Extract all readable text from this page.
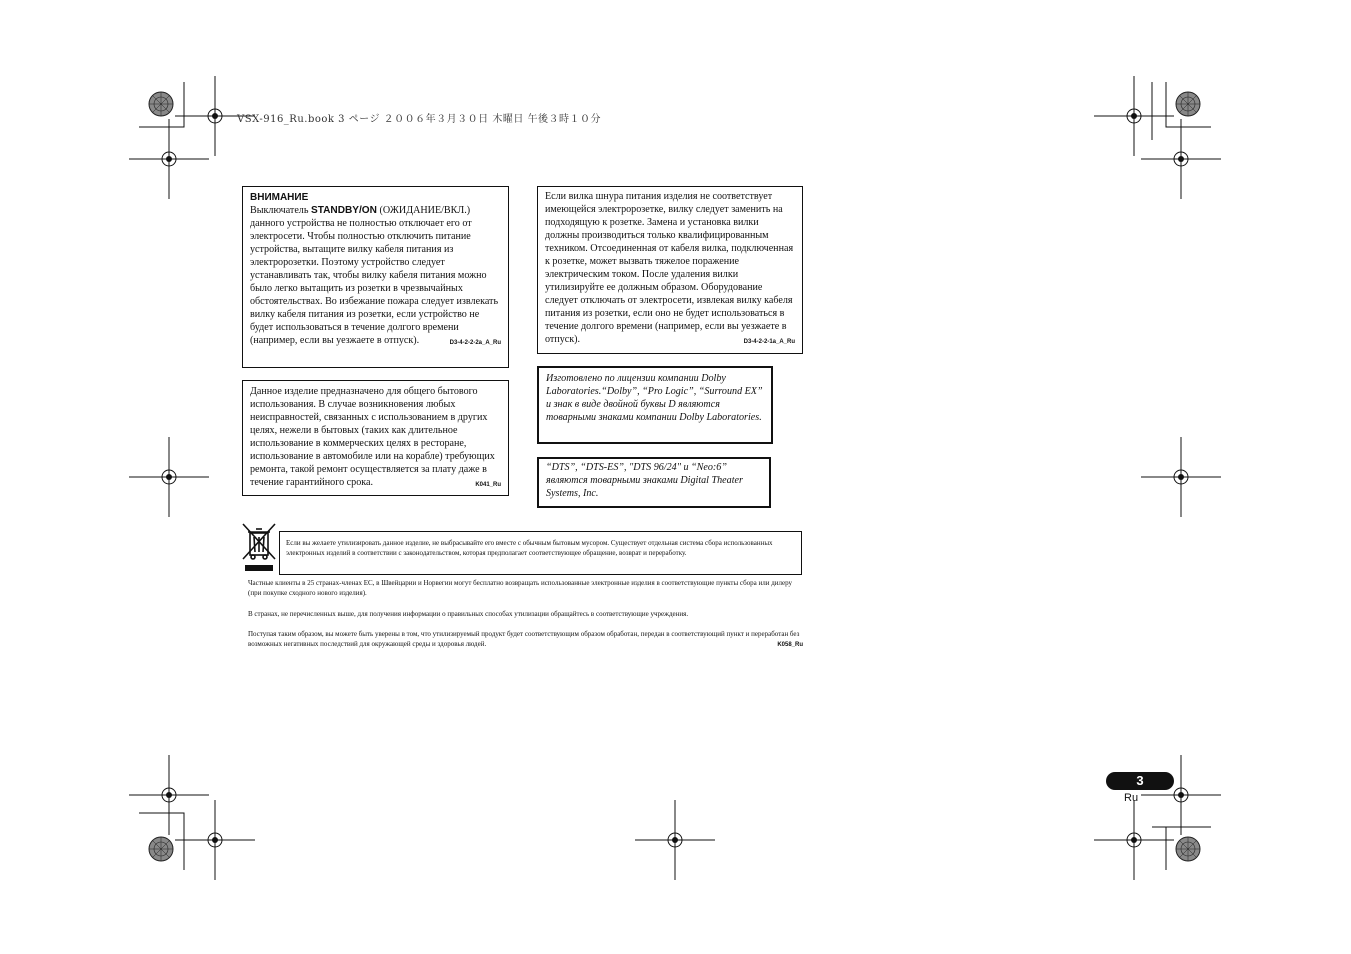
VSX-916_Ru.book 3 ページ ２００６年３月３０日 木曜日 午後３時１０分
ВНИМАНИЕ

Выключатель STANDBY/ON (ОЖИДАНИЕ/ВКЛ.) данного устройства не полностью отключает его от электросети. Чтобы полностью отключить питание устройства, вытащите вилку кабеля питания из электророзетки. Поэтому устройство следует устанавливать так, чтобы вилку кабеля питания можно было легко вытащить из розетки в чрезвычайных обстоятельствах. Во избежание пожара следует извлекать вилку кабеля питания из розетки, если устройство не будет использоваться в течение долгого времени (например, если вы уезжаете в отпуск).	D3-4-2-2-2a_A_Ru

Данное изделие предназначено для общего бытового использования. В случае возникновения любых неисправностей, связанных с использованием в других целях, нежели в бытовых (таких как длительное использование в коммерческих целях в ресторане, использование в автомобиле или на корабле) требующих ремонта, такой ремонт осуществляется за плату даже в течение гарантийного срока.	K041_Ru

Если вилка шнура питания изделия не соответствует имеющейся электророзетке, вилку следует заменить на подходящую к розетке. Замена и установка вилки должны производиться только квалифицированным техником. Отсоединенная от кабеля вилка, подключенная к розетке, может вызвать тяжелое поражение электрическим током. После удаления вилки утилизируйте ее должным образом. Оборудование следует отключать от электросети, извлекая вилку кабеля питания из розетки, если оно не будет использоваться в течение долгого времени (например, если вы уезжаете в отпуск).	D3-4-2-2-1a_A_Ru

Изготовлено по лицензии компании Dolby Laboratories.“Dolby”, “Pro Logic”, “Surround EX” и знак в виде двойной буквы D являются товарными знаками компании Dolby Laboratories.

“DTS”, “DTS-ES”, "DTS 96/24" и “Neo:6” являются товарными знаками Digital Theater Systems, Inc.

Если вы желаете утилизировать данное изделие, не выбрасывайте его вместе с обычным бытовым мусором. Существует отдельная система сбора использованных электронных изделий в соответствии с законодательством, которая предполагает соответствующее обращение, возврат и переработку.

Частные клиенты в 25 странах-членах ЕС, в Швейцарии и Норвегии могут бесплатно возвращать использованные электронные изделия в соответствующие пункты сбора или дилеру (при покупке сходного нового изделия).
В странах, не перечисленных выше, для получения информации о правильных способах утилизации обращайтесь в соответствующие учреждения.
Поступая таким образом, вы можете быть уверены в том, что утилизируемый продукт будет соответствующим образом обработан, передан в соответствующий пункт и переработан без возможных негативных последствий для окружающей среды и здоровья людей.	K058_Ru
3
Ru
